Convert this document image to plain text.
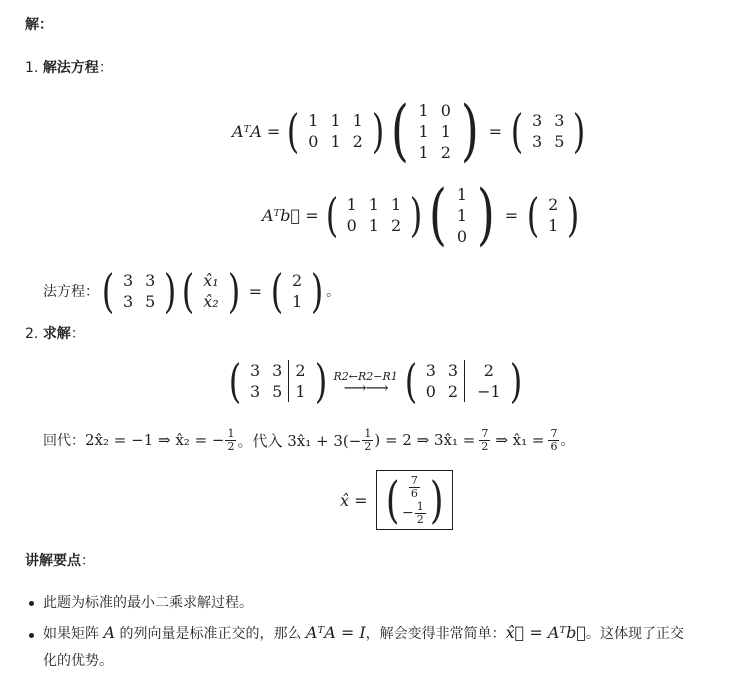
解：
1. 解法方程：
AᵀA = ( 1	1	1
0	1	2 ) ( 1	0
1	1
1	2 ) = ( 3	3
3	5 )
Aᵀb⃗ = ( 1	1	1
0	1	2 ) ( 1
1
0 ) = ( 2
1 )
法方程： ( 3	3
3	5 ) ( x̂₁
x̂₂ ) = ( 2
1 ) 。
2. 求解：
( 3	3	2
3	5	1 ) R2←R2−R1
⟶⟶ ( 3	3	2
0	2	−1 )
回代： 2x̂₂ = −1 ⇒ x̂₂ = − $\frac{1}{2}$ 。代入 3x̂₁ + $3(- \frac{1}{2}$ ) = 2 ⇒ 3x̂₁ = $\frac{7}{2}$ ⇒ x̂₁ = $\frac{7}{6}$ 。
x̂ = ( $\frac{7}{6}$
− $\frac{1}{2}$ )
讲解要点：
此题为标准的最小二乘求解过程。
如果矩阵 A 的列向量是标准正交的，那么 AᵀA = I，解会变得非常简单：x̂⃗ = Aᵀb⃗。这体现了正交
化的优势。
